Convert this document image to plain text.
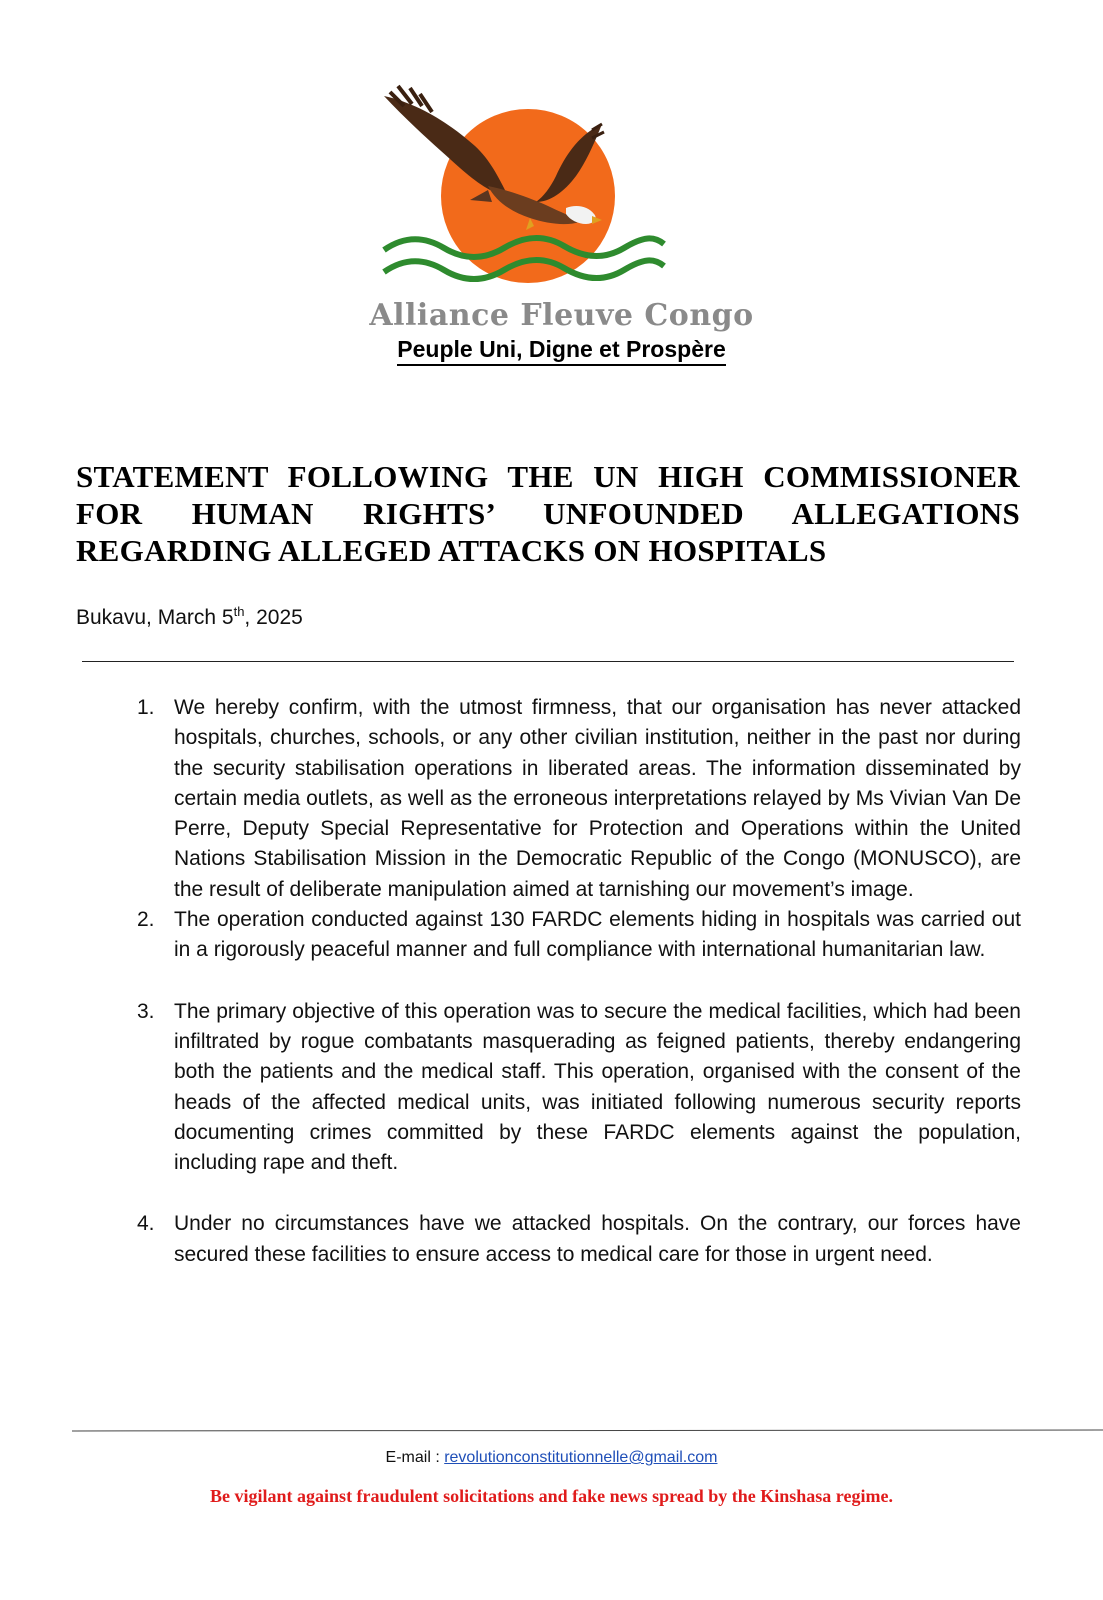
Alliance Fleuve Congo
Peuple Uni, Digne et Prospère
STATEMENT FOLLOWING THE UN HIGH COMMISSIONER FOR HUMAN RIGHTS’ UNFOUNDED ALLEGATIONS REGARDING ALLEGED ATTACKS ON HOSPITALS
Bukavu, March 5th, 2025
1. We hereby confirm, with the utmost firmness, that our organisation has never attacked hospitals, churches, schools, or any other civilian institution, neither in the past nor during the security stabilisation operations in liberated areas. The information disseminated by certain media outlets, as well as the erroneous interpretations relayed by Ms Vivian Van De Perre, Deputy Special Representative for Protection and Operations within the United Nations Stabilisation Mission in the Democratic Republic of the Congo (MONUSCO), are the result of deliberate manipulation aimed at tarnishing our movement’s image.
2. The operation conducted against 130 FARDC elements hiding in hospitals was carried out in a rigorously peaceful manner and full compliance with international humanitarian law.
3. The primary objective of this operation was to secure the medical facilities, which had been infiltrated by rogue combatants masquerading as feigned patients, thereby endangering both the patients and the medical staff. This operation, organised with the consent of the heads of the affected medical units, was initiated following numerous security reports documenting crimes committed by these FARDC elements against the population, including rape and theft.
4. Under no circumstances have we attacked hospitals. On the contrary, our forces have secured these facilities to ensure access to medical care for those in urgent need.
E-mail : revolutionconstitutionnelle@gmail.com
Be vigilant against fraudulent solicitations and fake news spread by the Kinshasa regime.
